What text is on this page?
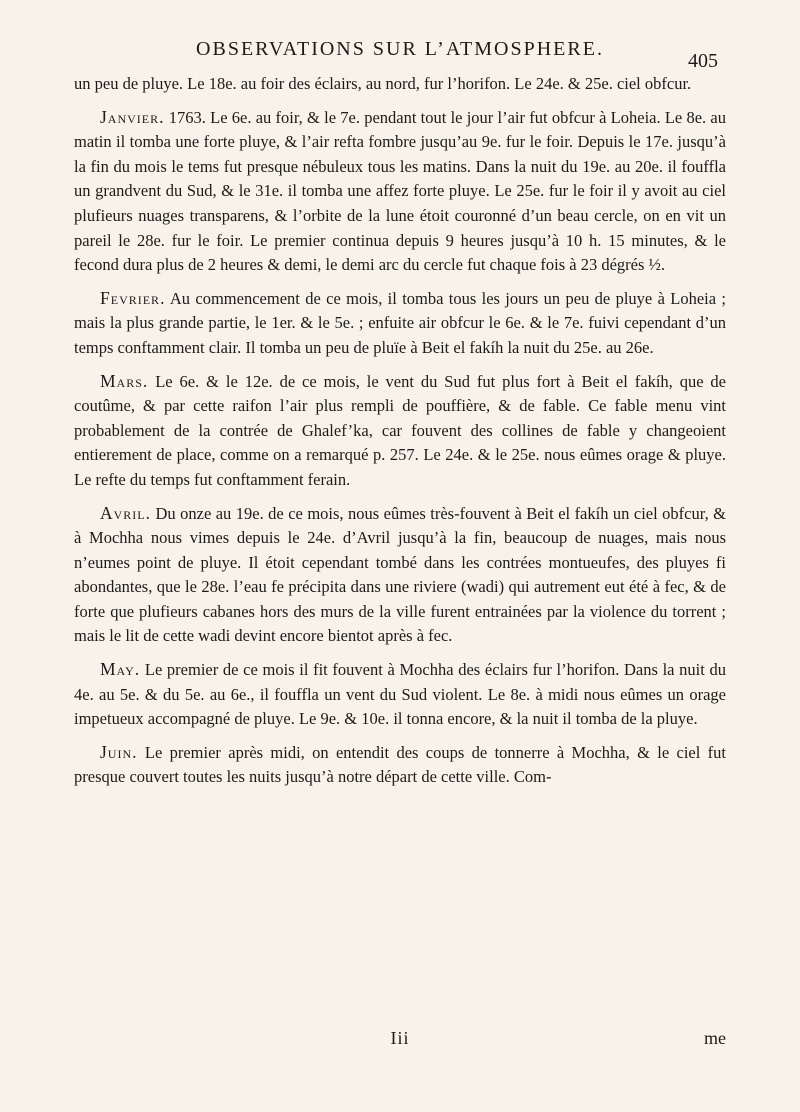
OBSERVATIONS SUR L’ATMOSPHERE.
405

un peu de pluye. Le 18e. au foir des éclairs, au nord, fur l’horifon. Le 24e. & 25e. ciel obfcur.

Janvier. 1763. Le 6e. au foir, & le 7e. pendant tout le jour l’air fut obfcur à Loheia. Le 8e. au matin il tomba une forte pluye, & l’air refta fombre jusqu’au 9e. fur le foir. Depuis le 17e. jusqu’à la fin du mois le tems fut presque nébuleux tous les matins. Dans la nuit du 19e. au 20e. il fouffla un grandvent du Sud, & le 31e. il tomba une affez forte pluye. Le 25e. fur le foir il y avoit au ciel plufieurs nuages transparens, & l’orbite de la lune étoit couronné d’un beau cercle, on en vit un pareil le 28e. fur le foir. Le premier continua depuis 9 heures jusqu’à 10 h. 15 minutes, & le fecond dura plus de 2 heures & demi, le demi arc du cercle fut chaque fois à 23 dégrés ½.

Fevrier. Au commencement de ce mois, il tomba tous les jours un peu de pluye à Loheia ; mais la plus grande partie, le 1er. & le 5e. ; enfuite air obfcur le 6e. & le 7e. fuivi cependant d’un temps conftamment clair. Il tomba un peu de pluïe à Beit el fakíh la nuit du 25e. au 26e.

Mars. Le 6e. & le 12e. de ce mois, le vent du Sud fut plus fort à Beit el fakíh, que de coutûme, & par cette raifon l’air plus rempli de pouffière, & de fable. Ce fable menu vint probablement de la contrée de Ghalef’ka, car fouvent des collines de fable y changeoient entierement de place, comme on a remarqué p. 257. Le 24e. & le 25e. nous eûmes orage & pluye. Le refte du temps fut conftamment ferain.

Avril. Du onze au 19e. de ce mois, nous eûmes très-fouvent à Beit el fakíh un ciel obfcur, & à Mochha nous vimes depuis le 24e. d’Avril jusqu’à la fin, beaucoup de nuages, mais nous n’eumes point de pluye. Il étoit cependant tombé dans les contrées montueufes, des pluyes fi abondantes, que le 28e. l’eau fe précipita dans une riviere (wadi) qui autrement eut été à fec, & de forte que plufieurs cabanes hors des murs de la ville furent entrainées par la violence du torrent ; mais le lit de cette wadi devint encore bientot après à fec.

May. Le premier de ce mois il fit fouvent à Mochha des éclairs fur l’horifon. Dans la nuit du 4e. au 5e. & du 5e. au 6e., il fouffla un vent du Sud violent. Le 8e. à midi nous eûmes un orage impetueux accompagné de pluye. Le 9e. & 10e. il tonna encore, & la nuit il tomba de la pluye.

Juin. Le premier après midi, on entendit des coups de tonnerre à Mochha, & le ciel fut presque couvert toutes les nuits jusqu’à notre départ de cette ville. Com-

Iii	me
